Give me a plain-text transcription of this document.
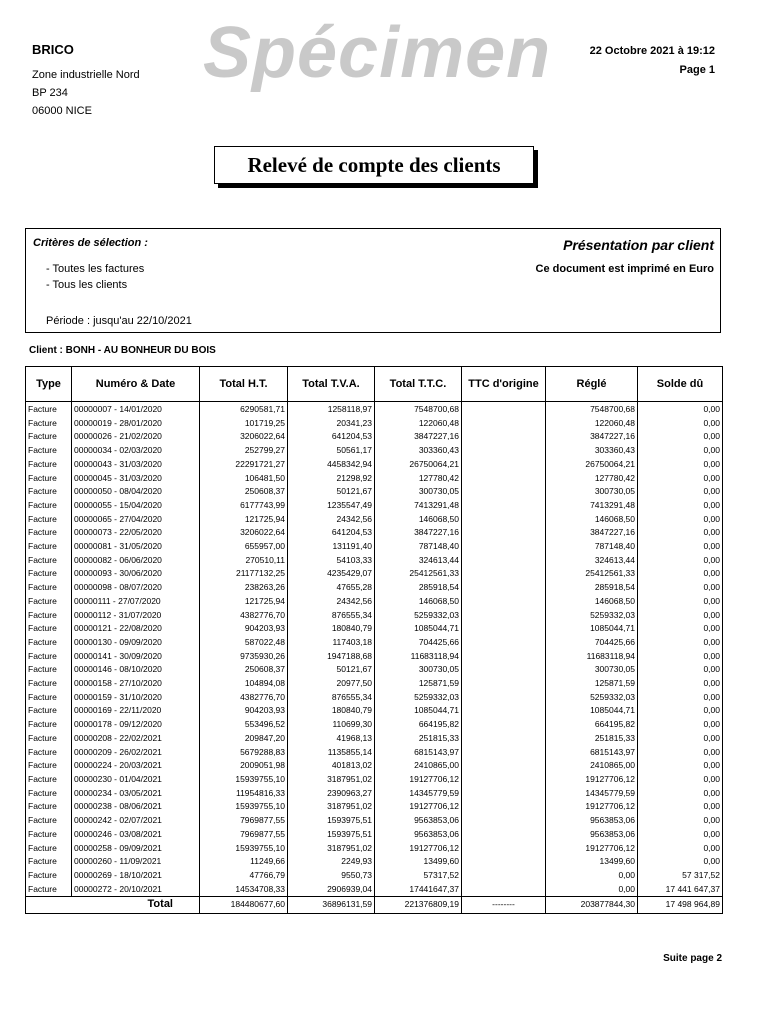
BRICO
Zone industrielle Nord
BP 234
06000 NICE
Spécimen	22 Octobre 2021 à 19:12
Page 1
Relevé de compte des clients
Critères de sélection :
- Toutes les factures
- Tous les clients
Période : jusqu'au 22/10/2021
Présentation par client
Ce document est imprimé en Euro
Client : BONH - AU BONHEUR DU BOIS
Type	Numéro & Date	Total H.T.	Total T.V.A.	Total T.T.C.	TTC d'origine	Réglé	Solde dû
Facture	00000007 - 14/01/2020	6290581,71	1258118,97	7548700,68		7548700,68	0,00
Facture	00000019 - 28/01/2020	101719,25	20341,23	122060,48		122060,48	0,00
Facture	00000026 - 21/02/2020	3206022,64	641204,53	3847227,16		3847227,16	0,00
Facture	00000034 - 02/03/2020	252799,27	50561,17	303360,43		303360,43	0,00
Facture	00000043 - 31/03/2020	22291721,27	4458342,94	26750064,21		26750064,21	0,00
Facture	00000045 - 31/03/2020	106481,50	21298,92	127780,42		127780,42	0,00
Facture	00000050 - 08/04/2020	250608,37	50121,67	300730,05		300730,05	0,00
Facture	00000055 - 15/04/2020	6177743,99	1235547,49	7413291,48		7413291,48	0,00
Facture	00000065 - 27/04/2020	121725,94	24342,56	146068,50		146068,50	0,00
Facture	00000073 - 22/05/2020	3206022,64	641204,53	3847227,16		3847227,16	0,00
Facture	00000081 - 31/05/2020	655957,00	131191,40	787148,40		787148,40	0,00
Facture	00000082 - 06/06/2020	270510,11	54103,33	324613,44		324613,44	0,00
Facture	00000093 - 30/06/2020	21177132,25	4235429,07	25412561,33		25412561,33	0,00
Facture	00000098 - 08/07/2020	238263,26	47655,28	285918,54		285918,54	0,00
Facture	00000111 - 27/07/2020	121725,94	24342,56	146068,50		146068,50	0,00
Facture	00000112 - 31/07/2020	4382776,70	876555,34	5259332,03		5259332,03	0,00
Facture	00000121 - 22/08/2020	904203,93	180840,79	1085044,71		1085044,71	0,00
Facture	00000130 - 09/09/2020	587022,48	117403,18	704425,66		704425,66	0,00
Facture	00000141 - 30/09/2020	9735930,26	1947188,68	11683118,94		11683118,94	0,00
Facture	00000146 - 08/10/2020	250608,37	50121,67	300730,05		300730,05	0,00
Facture	00000158 - 27/10/2020	104894,08	20977,50	125871,59		125871,59	0,00
Facture	00000159 - 31/10/2020	4382776,70	876555,34	5259332,03		5259332,03	0,00
Facture	00000169 - 22/11/2020	904203,93	180840,79	1085044,71		1085044,71	0,00
Facture	00000178 - 09/12/2020	553496,52	110699,30	664195,82		664195,82	0,00
Facture	00000208 - 22/02/2021	209847,20	41968,13	251815,33		251815,33	0,00
Facture	00000209 - 26/02/2021	5679288,83	1135855,14	6815143,97		6815143,97	0,00
Facture	00000224 - 20/03/2021	2009051,98	401813,02	2410865,00		2410865,00	0,00
Facture	00000230 - 01/04/2021	15939755,10	3187951,02	19127706,12		19127706,12	0,00
Facture	00000234 - 03/05/2021	11954816,33	2390963,27	14345779,59		14345779,59	0,00
Facture	00000238 - 08/06/2021	15939755,10	3187951,02	19127706,12		19127706,12	0,00
Facture	00000242 - 02/07/2021	7969877,55	1593975,51	9563853,06		9563853,06	0,00
Facture	00000246 - 03/08/2021	7969877,55	1593975,51	9563853,06		9563853,06	0,00
Facture	00000258 - 09/09/2021	15939755,10	3187951,02	19127706,12		19127706,12	0,00
Facture	00000260 - 11/09/2021	11249,66	2249,93	13499,60		13499,60	0,00
Facture	00000269 - 18/10/2021	47766,79	9550,73	57317,52		0,00	57 317,52
Facture	00000272 - 20/10/2021	14534708,33	2906939,04	17441647,37		0,00	17 441 647,37
Total		184480677,60	36896131,59	221376809,19	--------	203877844,30	17 498 964,89
Suite page 2
